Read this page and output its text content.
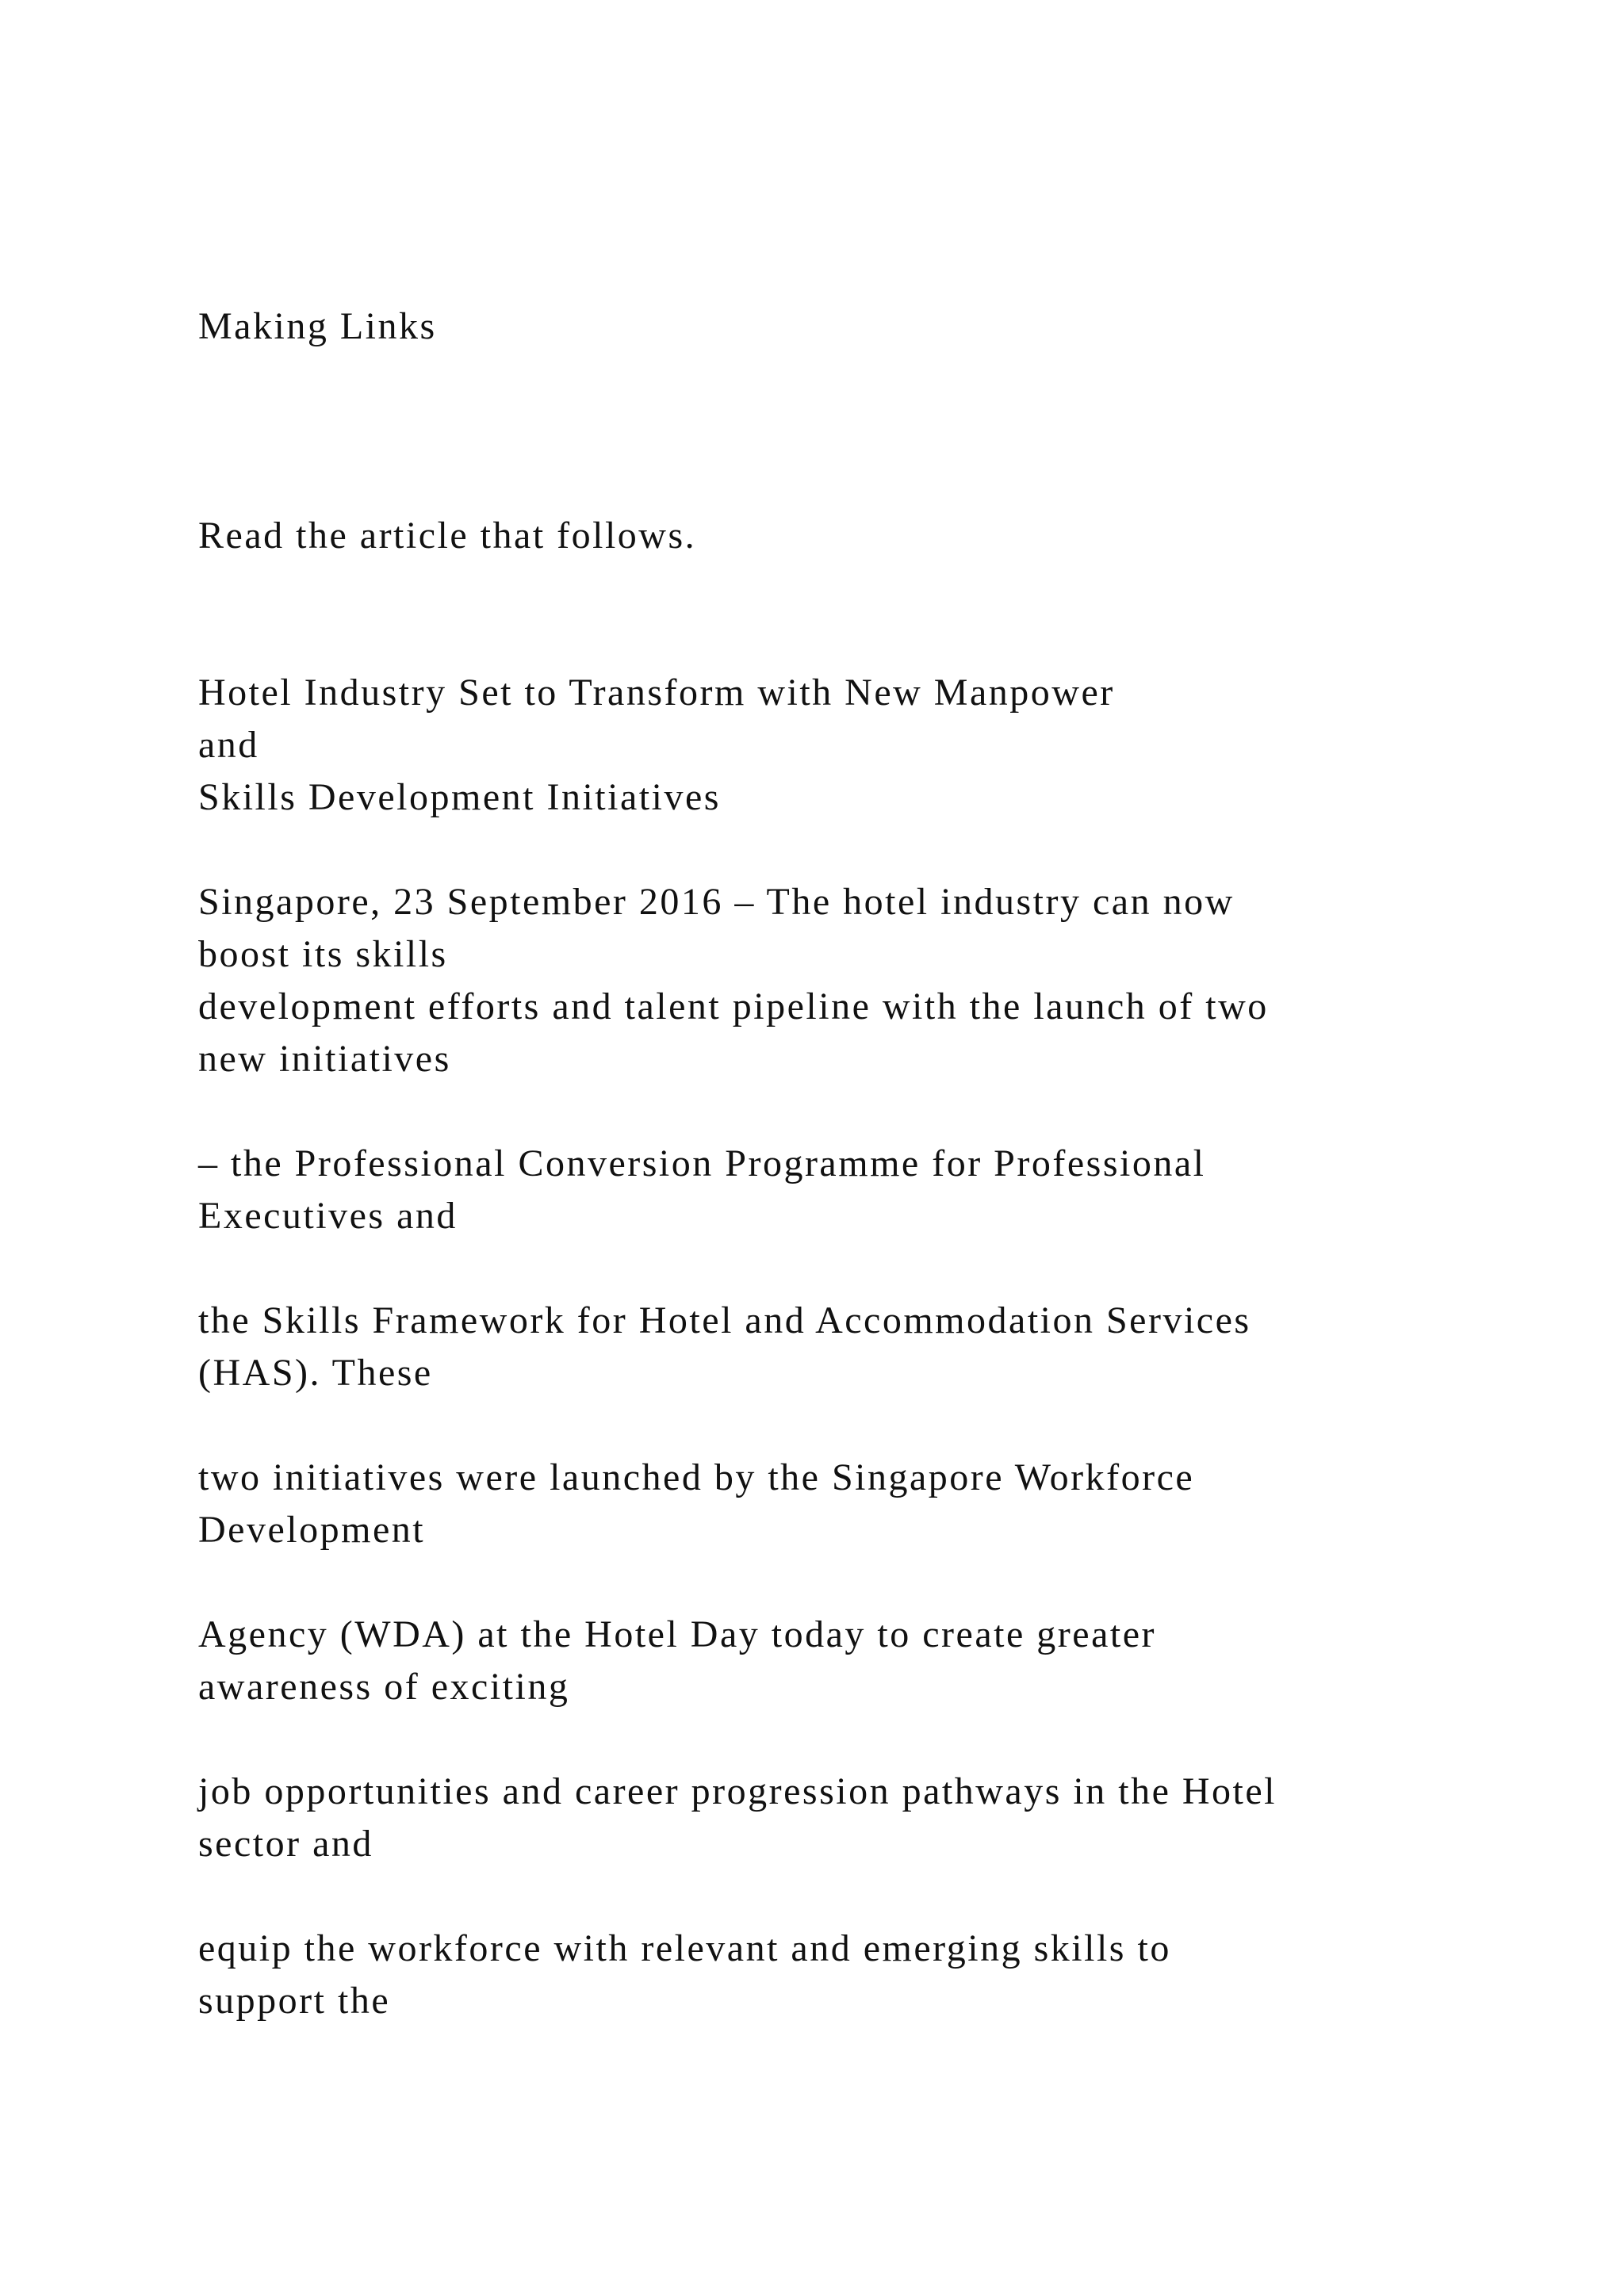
Making Links

Read the article that follows.

Hotel Industry Set to Transform with New Manpower

and

Skills Development Initiatives

Singapore, 23 September 2016 – The hotel industry can now

boost its skills

development efforts and talent pipeline with the launch of two

new initiatives

– the Professional Conversion Programme for Professional

Executives and

the Skills Framework for Hotel and Accommodation Services

(HAS). These

two initiatives were launched by the Singapore Workforce

Development

Agency (WDA) at the Hotel Day today to create greater

awareness of exciting

job opportunities and career progression pathways in the Hotel

sector and

equip the workforce with relevant and emerging skills to

support the
